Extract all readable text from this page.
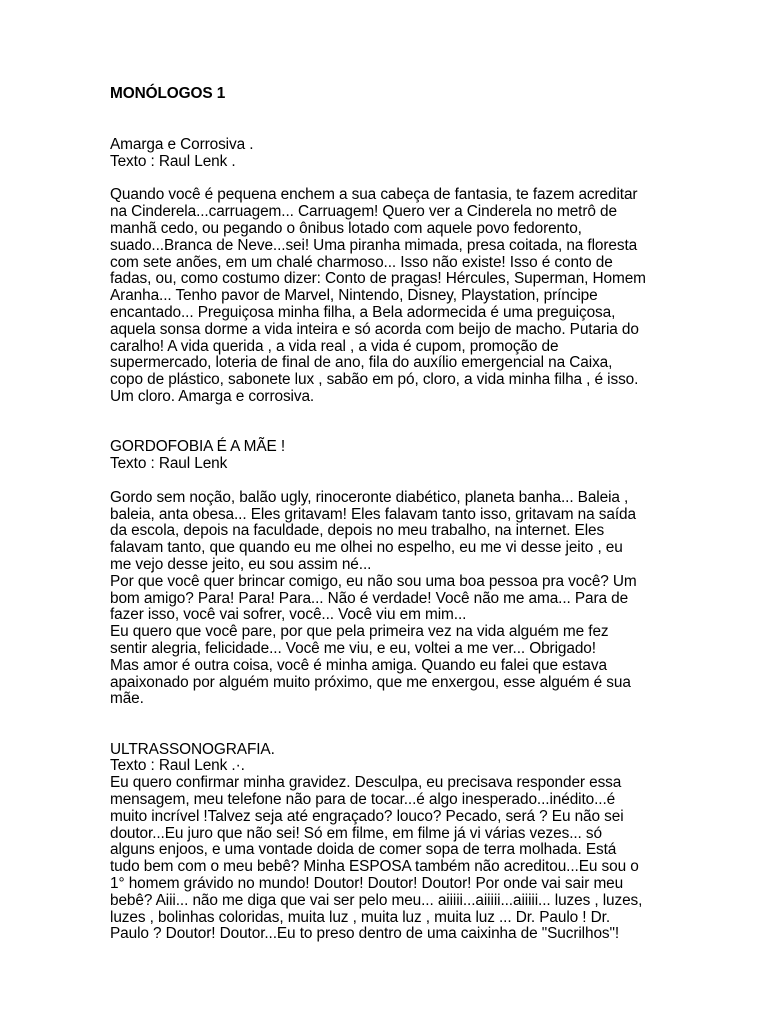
MONÓLOGOS 1

Amarga e Corrosiva .

Texto : Raul Lenk .

Quando você é pequena enchem a sua cabeça de fantasia, te fazem acreditar

na Cinderela...carruagem... Carruagem! Quero ver a Cinderela no metrô de

manhã cedo, ou pegando o ônibus lotado com aquele povo fedorento,

suado...Branca de Neve...sei! Uma piranha mimada, presa coitada, na floresta

com sete anões, em um chalé charmoso... Isso não existe! Isso é conto de

fadas, ou, como costumo dizer: Conto de pragas! Hércules, Superman, Homem

Aranha... Tenho pavor de Marvel, Nintendo, Disney, Playstation, príncipe

encantado... Preguiçosa minha filha, a Bela adormecida é uma preguiçosa,

aquela sonsa dorme a vida inteira e só acorda com beijo de macho. Putaria do

caralho! A vida querida , a vida real , a vida é cupom, promoção de

supermercado, loteria de final de ano, fila do auxílio emergencial na Caixa,

copo de plástico, sabonete lux , sabão em pó, cloro, a vida minha filha , é isso.

Um cloro. Amarga e corrosiva.

GORDOFOBIA É A MÃE !

Texto : Raul Lenk

Gordo sem noção, balão ugly, rinoceronte diabético, planeta banha... Baleia ,

baleia, anta obesa... Eles gritavam! Eles falavam tanto isso, gritavam na saída

da escola, depois na faculdade, depois no meu trabalho, na internet. Eles

falavam tanto, que quando eu me olhei no espelho, eu me vi desse jeito , eu

me vejo desse jeito, eu sou assim né...

Por que você quer brincar comigo, eu não sou uma boa pessoa pra você? Um

bom amigo? Para! Para! Para... Não é verdade! Você não me ama... Para de

fazer isso, você vai sofrer, você... Você viu em mim...

Eu quero que você pare, por que pela primeira vez na vida alguém me fez

sentir alegria, felicidade... Você me viu, e eu, voltei a me ver... Obrigado!

Mas amor é outra coisa, você é minha amiga. Quando eu falei que estava

apaixonado por alguém muito próximo, que me enxergou, esse alguém é sua

mãe.

ULTRASSONOGRAFIA.

Texto : Raul Lenk .·.

Eu quero confirmar minha gravidez. Desculpa, eu precisava responder essa

mensagem, meu telefone não para de tocar...é algo inesperado...inédito...é

muito incrível !Talvez seja até engraçado? louco? Pecado, será ? Eu não sei

doutor...Eu juro que não sei! Só em filme, em filme já vi várias vezes... só

alguns enjoos, e uma vontade doida de comer sopa de terra molhada. Está

tudo bem com o meu bebê? Minha ESPOSA também não acreditou...Eu sou o

1° homem grávido no mundo! Doutor! Doutor! Doutor! Por onde vai sair meu

bebê? Aiii... não me diga que vai ser pelo meu... aiiiii...aiiiii...aiiiii... luzes , luzes,

luzes , bolinhas coloridas, muita luz , muita luz , muita luz ... Dr. Paulo ! Dr.

Paulo ? Doutor! Doutor...Eu to preso dentro de uma caixinha de "Sucrilhos"!
